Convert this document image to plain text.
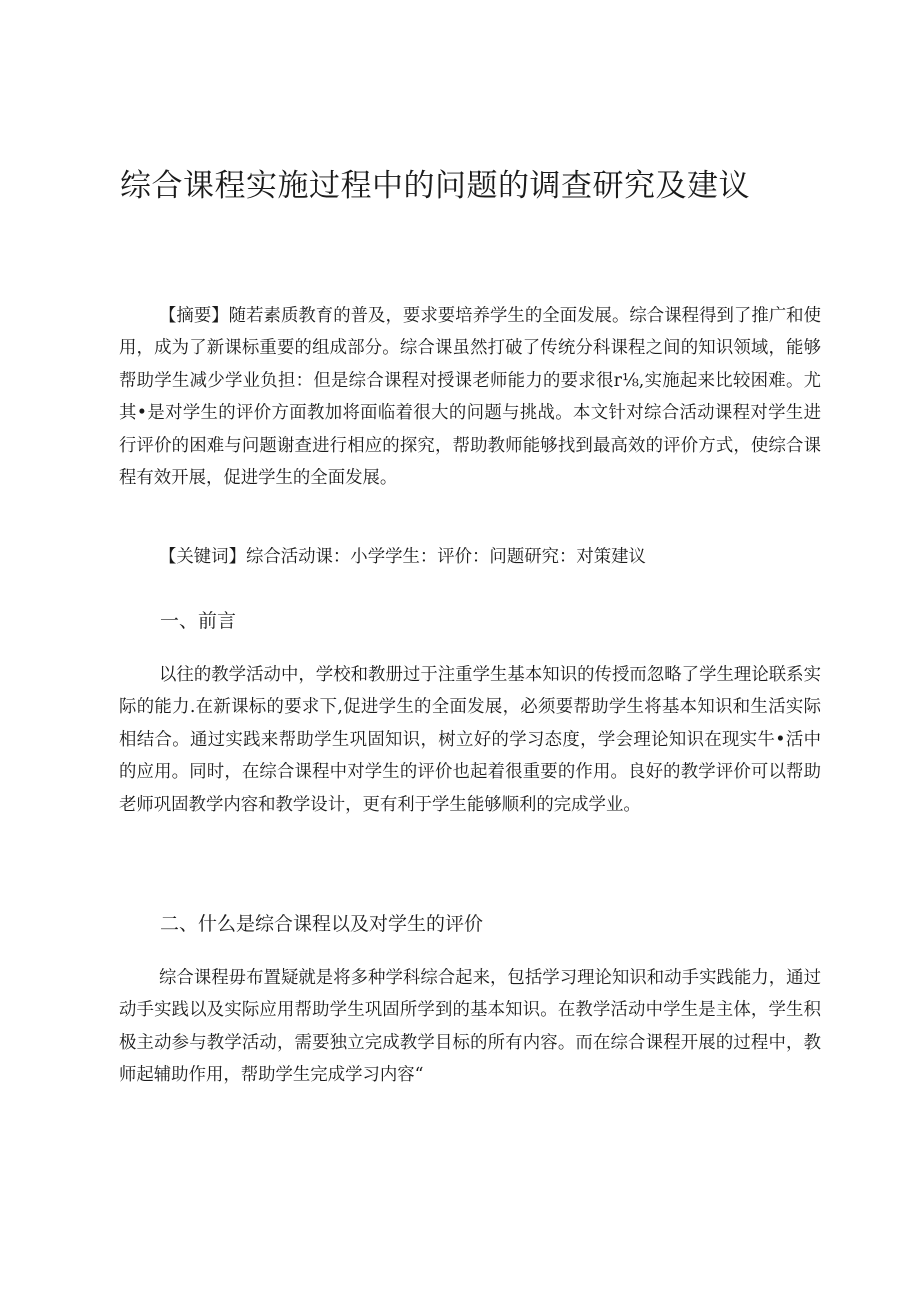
综合课程实施过程中的问题的调查研究及建议

【摘要】随若素质教育的普及，要求要培养学生的全面发展。综合课程得到了推广和使用，成为了新课标重要的组成部分。综合课虽然打破了传统分科课程之间的知识领域，能够帮助学生减少学业负担：但是综合课程对授课老师能力的要求很r⅛,实施起来比较困难。尤其•是对学生的评价方面教加将面临着很大的问题与挑战。本文针对综合活动课程对学生进行评价的困难与问题谢查进行相应的探究，帮助教师能够找到最高效的评价方式，使综合课程有效开展，促进学生的全面发展。

【关键词】综合活动课：小学学生：评价：问题研究：对策建议

一、前言

以往的教学活动中，学校和教册过于注重学生基本知识的传授而忽略了学生理论联系实际的能力.在新课标的要求下,促进学生的全面发展，必须要帮助学生将基本知识和生活实际相结合。通过实践来帮助学生巩固知识，树立好的学习态度，学会理论知识在现实牛•活中的应用。同时，在综合课程中对学生的评价也起着很重要的作用。良好的教学评价可以帮助老师巩固教学内容和教学设计，更有利于学生能够顺利的完成学业。

二、什么是综合课程以及对学生的评价

综合课程毋布置疑就是将多种学科综合起来，包括学习理论知识和动手实践能力，通过动手实践以及实际应用帮助学生巩固所学到的基本知识。在教学活动中学生是主体，学生积极主动参与教学活动，需要独立完成教学目标的所有内容。而在综合课程开展的过程中，教师起辅助作用，帮助学生完成学习内容“
